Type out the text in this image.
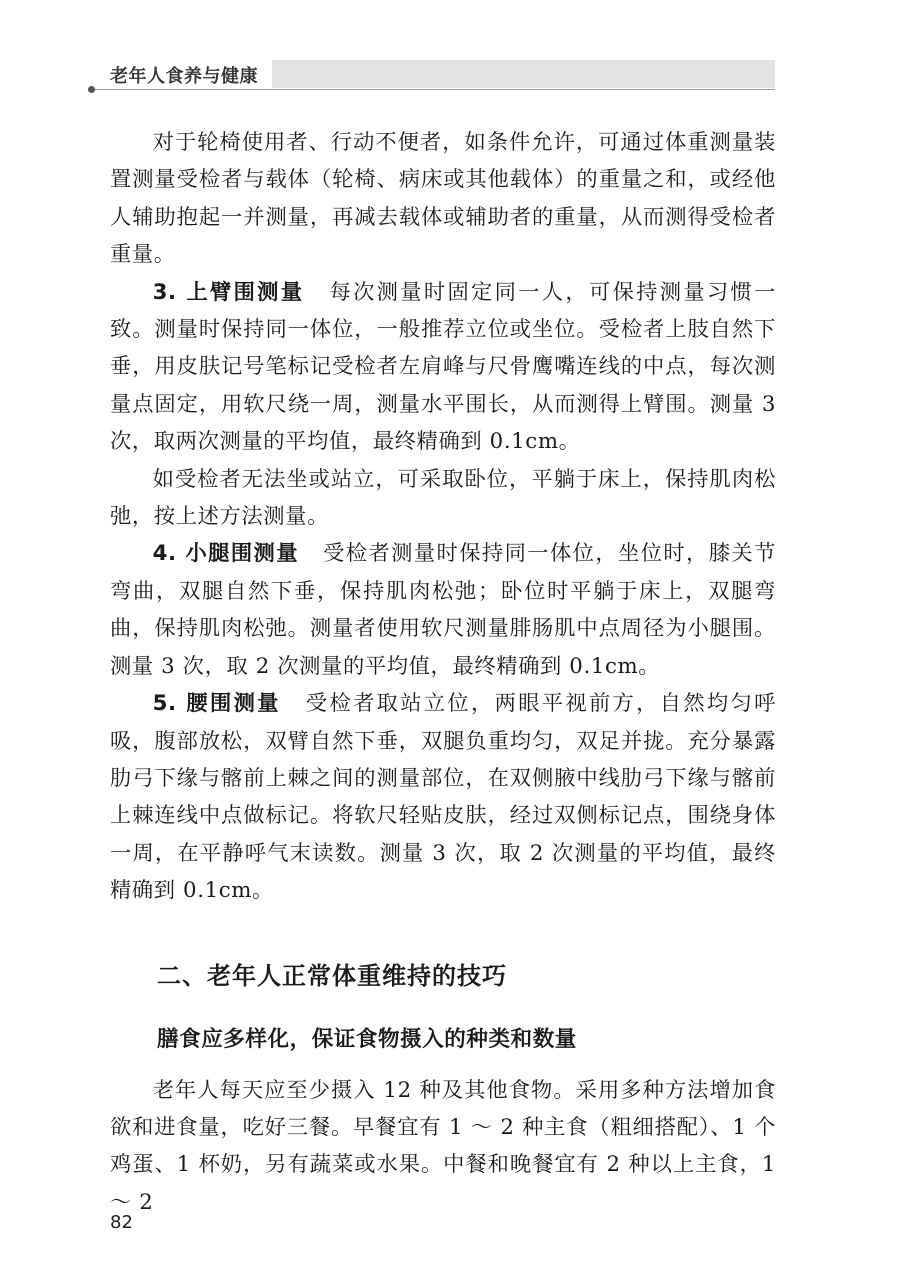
老年人食养与健康

对于轮椅使用者、行动不便者，如条件允许，可通过体重测量装置测量受检者与载体（轮椅、病床或其他载体）的重量之和，或经他人辅助抱起一并测量，再减去载体或辅助者的重量，从而测得受检者重量。

3. 上臂围测量 每次测量时固定同一人，可保持测量习惯一致。测量时保持同一体位，一般推荐立位或坐位。受检者上肢自然下垂，用皮肤记号笔标记受检者左肩峰与尺骨鹰嘴连线的中点，每次测量点固定，用软尺绕一周，测量水平围长，从而测得上臂围。测量 3 次，取两次测量的平均值，最终精确到 0.1cm。

如受检者无法坐或站立，可采取卧位，平躺于床上，保持肌肉松弛，按上述方法测量。

4. 小腿围测量 受检者测量时保持同一体位，坐位时，膝关节弯曲，双腿自然下垂，保持肌肉松弛；卧位时平躺于床上，双腿弯曲，保持肌肉松弛。测量者使用软尺测量腓肠肌中点周径为小腿围。测量 3 次，取 2 次测量的平均值，最终精确到 0.1cm。

5. 腰围测量 受检者取站立位，两眼平视前方，自然均匀呼吸，腹部放松，双臂自然下垂，双腿负重均匀，双足并拢。充分暴露肋弓下缘与髂前上棘之间的测量部位，在双侧腋中线肋弓下缘与髂前上棘连线中点做标记。将软尺轻贴皮肤，经过双侧标记点，围绕身体一周，在平静呼气末读数。测量 3 次，取 2 次测量的平均值，最终精确到 0.1cm。

二、老年人正常体重维持的技巧
膳食应多样化，保证食物摄入的种类和数量

老年人每天应至少摄入 12 种及其他食物。采用多种方法增加食欲和进食量，吃好三餐。早餐宜有 1 ～ 2 种主食（粗细搭配）、1 个鸡蛋、1 杯奶，另有蔬菜或水果。中餐和晚餐宜有 2 种以上主食，1 ～ 2

82
